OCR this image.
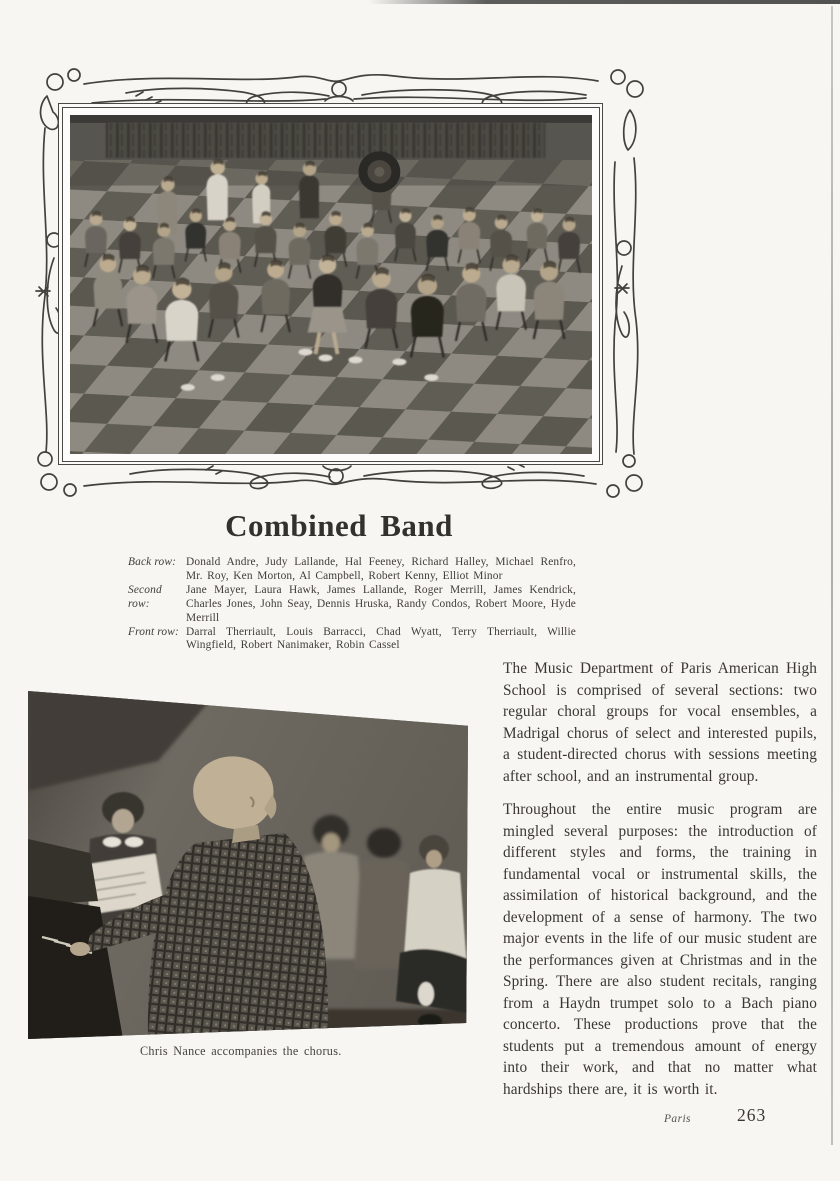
Combined Band
Back row: Donald Andre, Judy Lallande, Hal Feeney, Richard Halley, Michael Renfro, Mr. Roy, Ken Morton, Al Campbell, Robert Kenny, Elliot Minor
Second row:
Jane Mayer, Laura Hawk, James Lallande, Roger Merrill, James Kendrick, Charles Jones, John Seay, Dennis Hruska, Randy Condos, Robert Moore, Hyde Merrill
Front row: Darral Therriault, Louis Barracci, Chad Wyatt, Terry Therriault, Willie Wingfield, Robert Nanimaker, Robin Cassel
Chris Nance accompanies the chorus.

The Music Department of Paris American High School is comprised of several sections: two regular choral groups for vocal ensembles, a Madrigal chorus of select and interested pupils, a student-directed chorus with sessions meeting after school, and an instrumental group.

Throughout the entire music program are mingled several purposes: the introduction of different styles and forms, the training in fundamental vocal or instrumental skills, the assimilation of historical background, and the development of a sense of harmony. The two major events in the life of our music student are the performances given at Christmas and in the Spring. There are also student recitals, ranging from a Haydn trumpet solo to a Bach piano concerto. These productions prove that the students put a tremendous amount of energy into their work, and that no matter what hardships there are, it is worth it.

Paris	263
